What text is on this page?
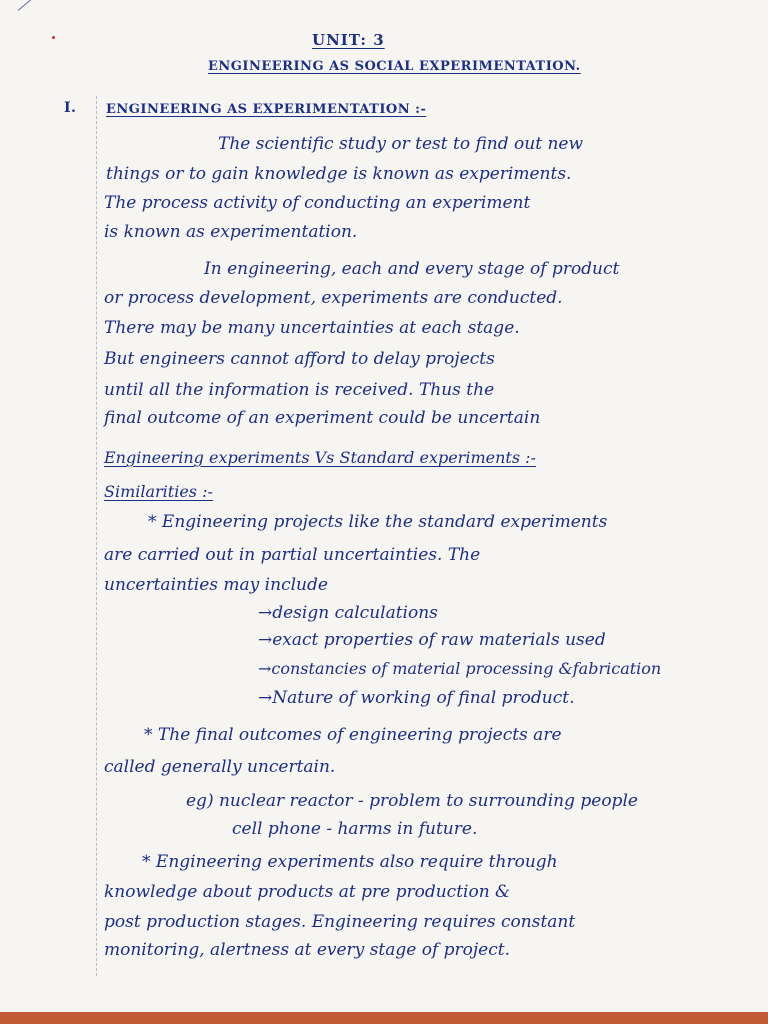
UNIT: 3
ENGINEERING AS SOCIAL EXPERIMENTATION.
I. ENGINEERING AS EXPERIMENTATION :-
The scientific study or test to find out new
things or to gain knowledge is known as experiments.
The process activity of conducting an experiment
is known as experimentation.
In engineering, each and every stage of product
or process development, experiments are conducted.
There may be many uncertainties at each stage.
But engineers cannot afford to delay projects
until all the information is received. Thus the
final outcome of an experiment could be uncertain
Engineering experiments Vs Standard experiments :-
Similarities :-
* Engineering projects like the standard experiments
are carried out in partial uncertainties. The
uncertainties may include
→design calculations
→exact properties of raw materials used
→constancies of material processing &fabrication
→Nature of working of final product.
* The final outcomes of engineering projects are
called generally uncertain.
eg) nuclear reactor - problem to surrounding people
cell phone - harms in future.
* Engineering experiments also require through
knowledge about products at pre production &
post production stages. Engineering requires constant
monitoring, alertness at every stage of project.
